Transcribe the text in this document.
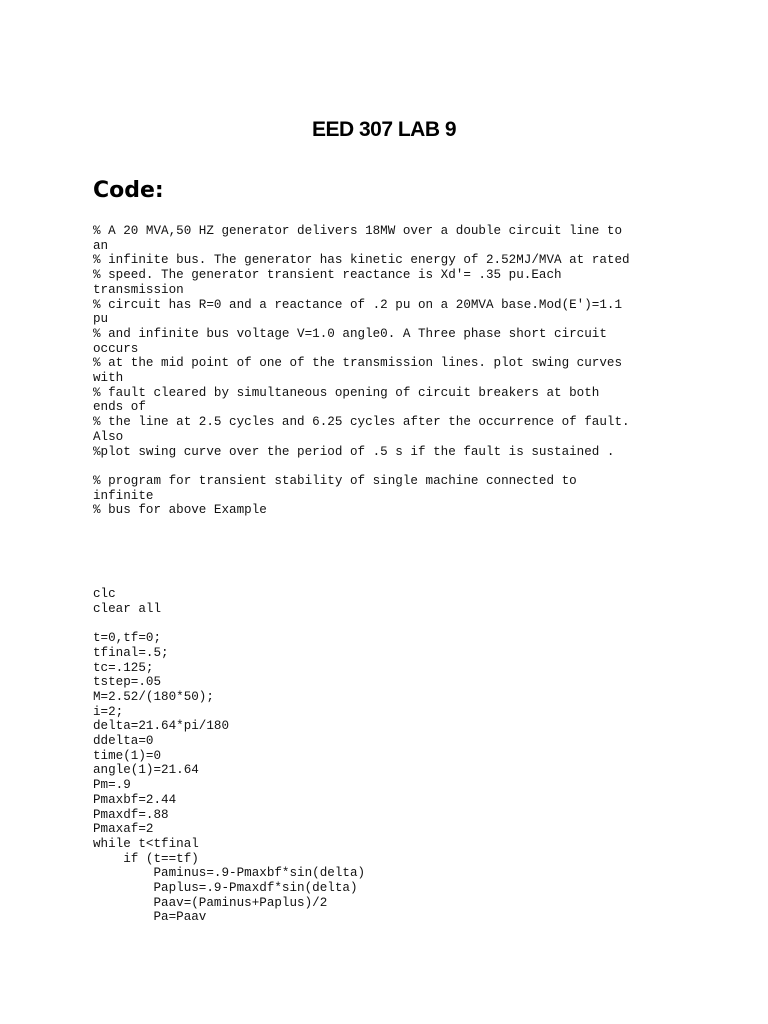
EED 307 LAB 9
Code:
% A 20 MVA,50 HZ generator delivers 18MW over a double circuit line to
an
% infinite bus. The generator has kinetic energy of 2.52MJ/MVA at rated
% speed. The generator transient reactance is Xd'= .35 pu.Each
transmission
% circuit has R=0 and a reactance of .2 pu on a 20MVA base.Mod(E')=1.1
pu
% and infinite bus voltage V=1.0 angle0. A Three phase short circuit
occurs
% at the mid point of one of the transmission lines. plot swing curves
with
% fault cleared by simultaneous opening of circuit breakers at both
ends of
% the line at 2.5 cycles and 6.25 cycles after the occurrence of fault.
Also
%plot swing curve over the period of .5 s if the fault is sustained .

% program for transient stability of single machine connected to
infinite
% bus for above Example
clc
clear all

t=0,tf=0;
tfinal=.5;
tc=.125;
tstep=.05
M=2.52/(180*50);
i=2;
delta=21.64*pi/180
ddelta=0
time(1)=0
angle(1)=21.64
Pm=.9
Pmaxbf=2.44
Pmaxdf=.88
Pmaxaf=2
while t<tfinal
if (t==tf)
Paminus=.9-Pmaxbf*sin(delta)
Paplus=.9-Pmaxdf*sin(delta)
Paav=(Paminus+Paplus)/2
Pa=Paav
